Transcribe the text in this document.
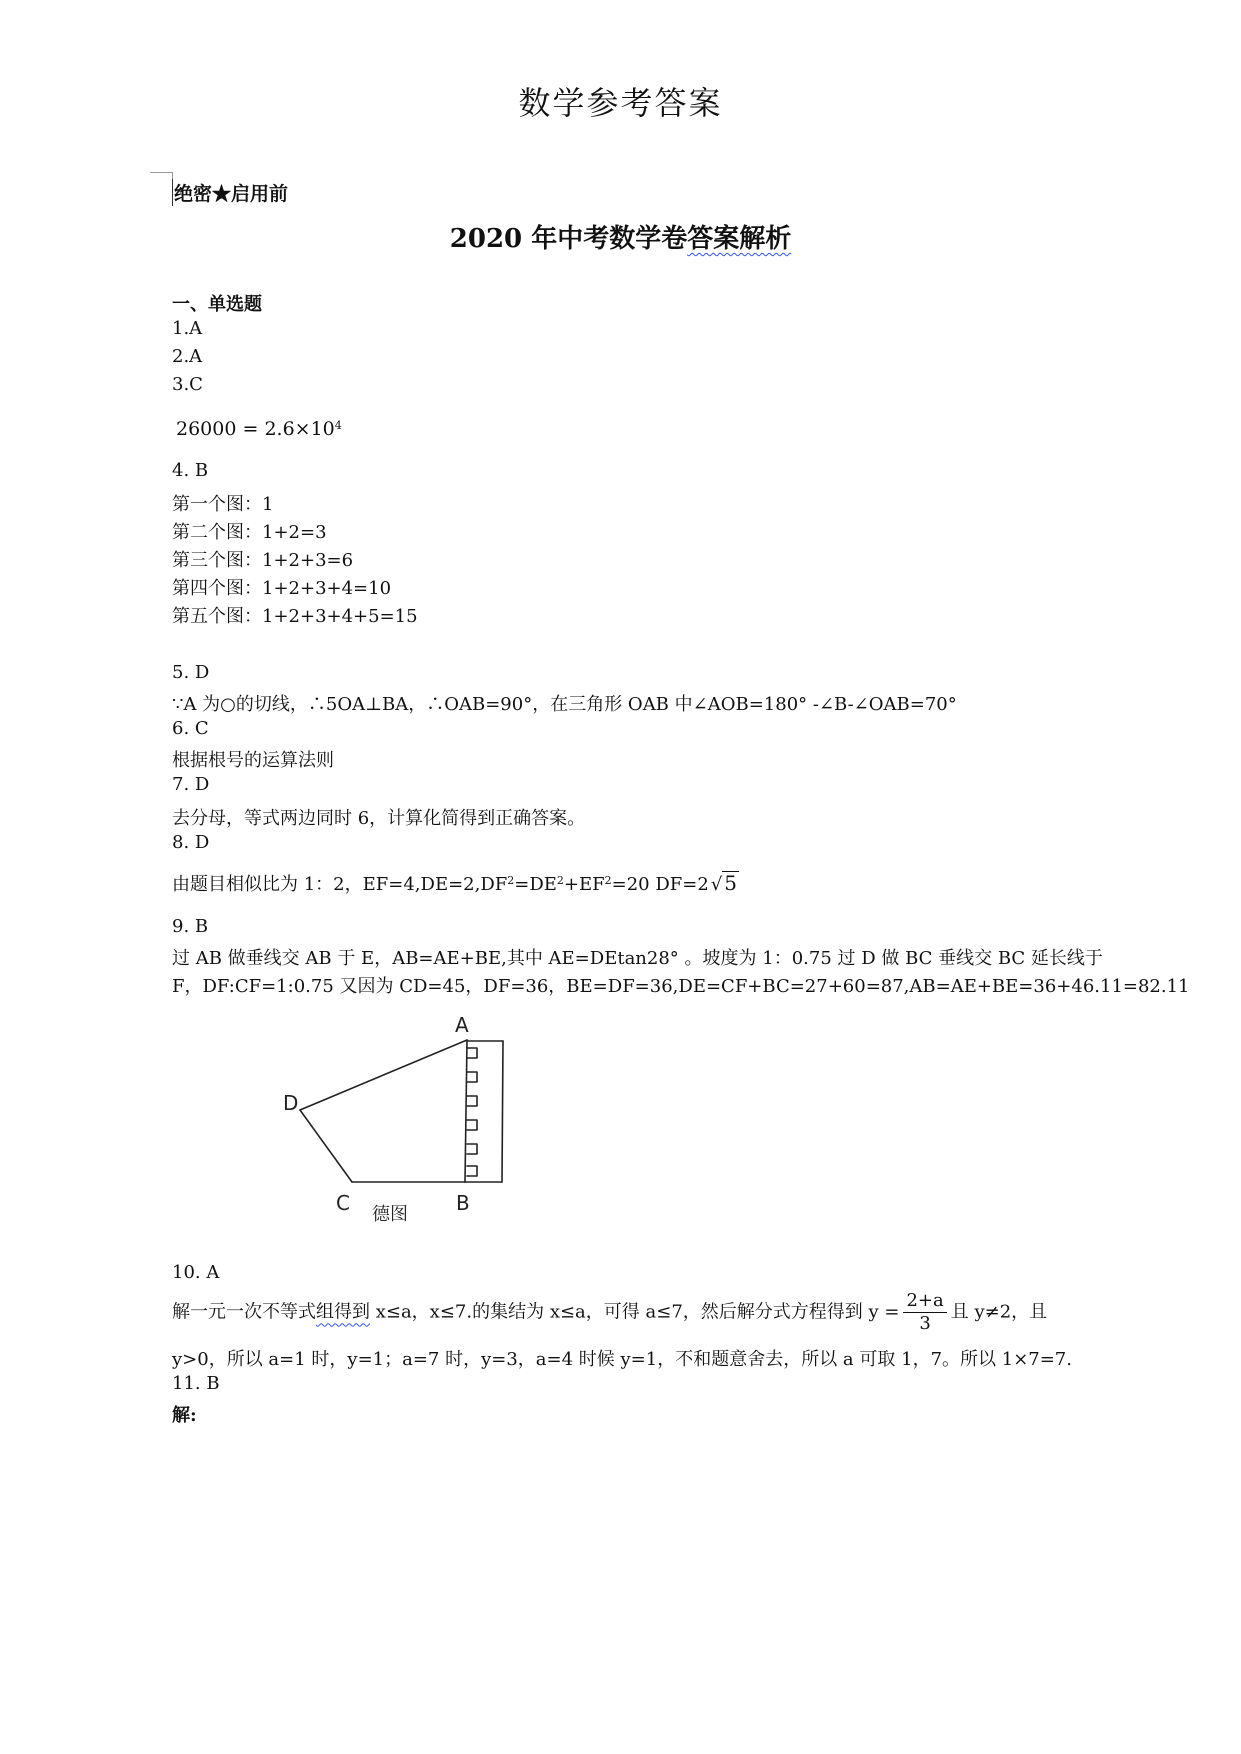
数学参考答案
绝密★启用前
2020 年中考数学卷答案解析
一、单选题
1.A
2.A
3.C
$26000 = 2.6\times 10^4$
4. B
第一个图：1
第二个图：1+2=3
第三个图：1+2+3=6
第四个图：1+2+3+4=10
第五个图：1+2+3+4+5=15
5. D
∵A 为○的切线，∴5OA⊥BA，∴OAB=90°，在三角形 OAB 中∠AOB=180° -∠B-∠OAB=70°
6. C
根据根号的运算法则
7. D
去分母，等式两边同时 6，计算化简得到正确答案。
8. D
由题目相似比为 1：2，$EF=4,DE=2,DF^2=DE^2+EF^2=20$ DF=2 √ 5
9. B
过 AB 做垂线交 AB 于 E，AB=AE+BE,其中 AE=DEtan28° 。坡度为 1：0.75 过 D 做 BC 垂线交 BC 延长线于
F，DF:CF=1:0.75 又因为 CD=45，DF=36，BE=DF=36,DE=CF+BC=27+60=87,AB=AE+BE=36+46.11=82.11
A
D
C	B
德图
10. A
解一元一次不等式组得到 x≤a，x≤7.的集结为 x≤a，可得 a≤7，然后解分式方程得到 $y = \frac{2+a}{3}$ 且 y≠2，且
y>0，所以 a=1 时，y=1；a=7 时，y=3，a=4 时候 y=1，不和题意舍去，所以 a 可取 1，7。所以 1×7=7.
11. B
解:
